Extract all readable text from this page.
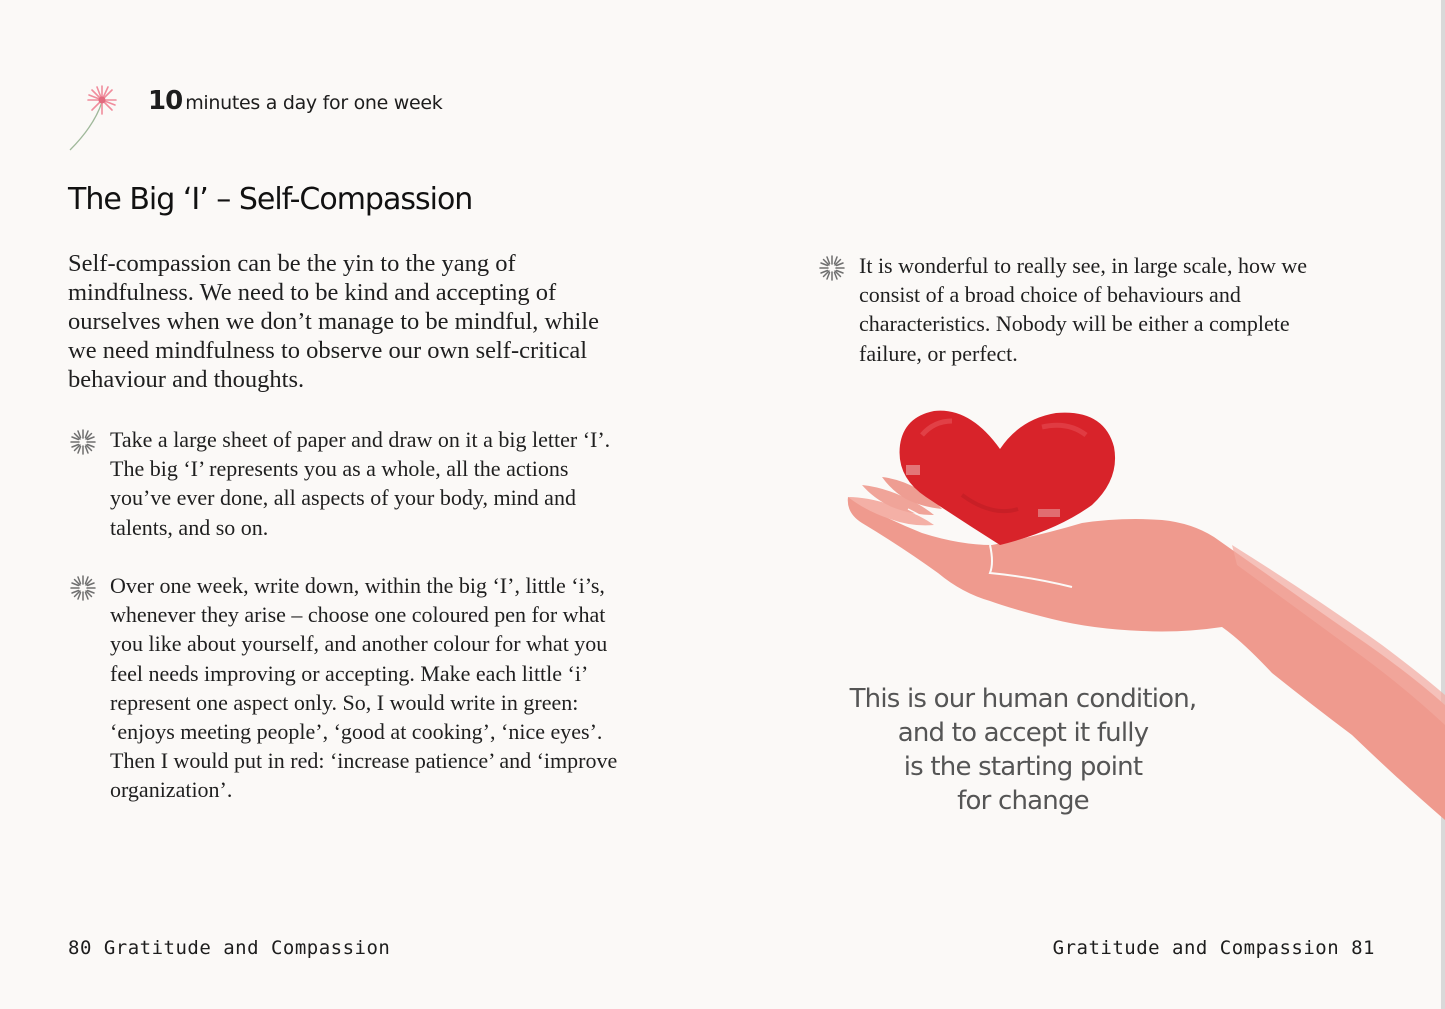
10 minutes a day for one week
The Big ‘I’ – Self-Compassion

Self-compassion can be the yin to the yang of mindfulness. We need to be kind and accepting of ourselves when we don’t manage to be mindful, while we need mindfulness to observe our own self-critical behaviour and thoughts.

Take a large sheet of paper and draw on it a big letter ‘I’. The big ‘I’ represents you as a whole, all the actions you’ve ever done, all aspects of your body, mind and talents, and so on.

Over one week, write down, within the big ‘I’, little ‘i’s, whenever they arise – choose one coloured pen for what you like about yourself, and another colour for what you feel needs improving or accepting. Make each little ‘i’ represent one aspect only. So, I would write in green: ‘enjoys meeting people’, ‘good at cooking’, ‘nice eyes’. Then I would put in red: ‘increase patience’ and ‘improve organization’.

It is wonderful to really see, in large scale, how we consist of a broad choice of behaviours and characteristics. Nobody will be either a complete failure, or perfect.

This is our human condition,
and to accept it fully
is the starting point
for change
80 Gratitude and Compassion	Gratitude and Compassion 81
